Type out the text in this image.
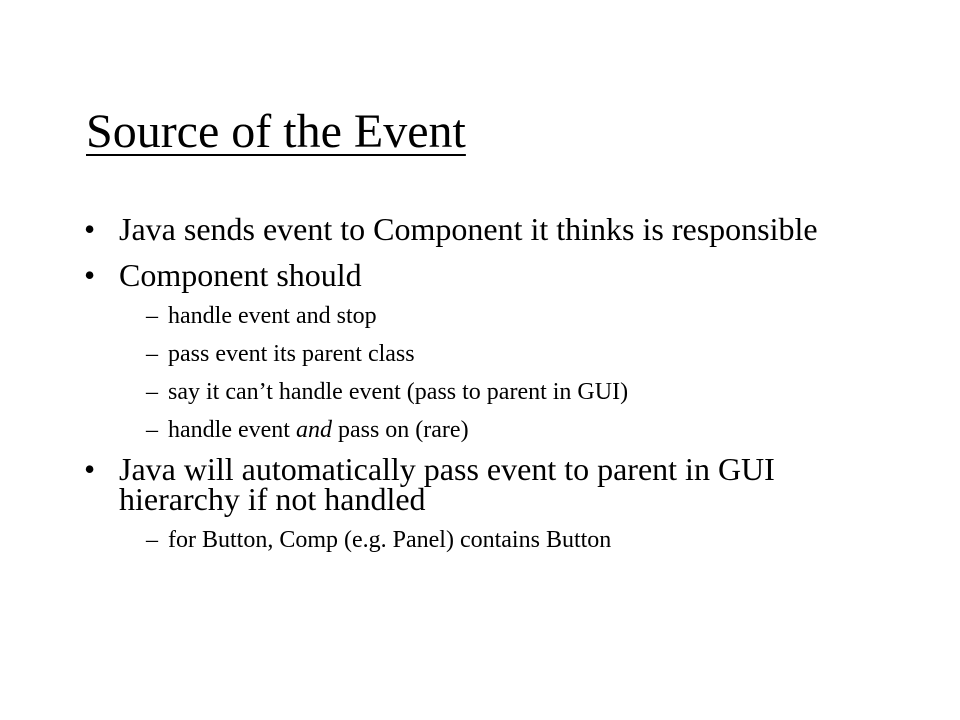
Source of the Event
• Java sends event to Component it thinks is responsible
• Component should
– handle event and stop
– pass event its parent class
– say it can’t handle event (pass to parent in GUI)
– handle event and pass on (rare)
• Java will automatically pass event to parent in GUI hierarchy if not handled
– for Button, Comp (e.g. Panel) contains Button
